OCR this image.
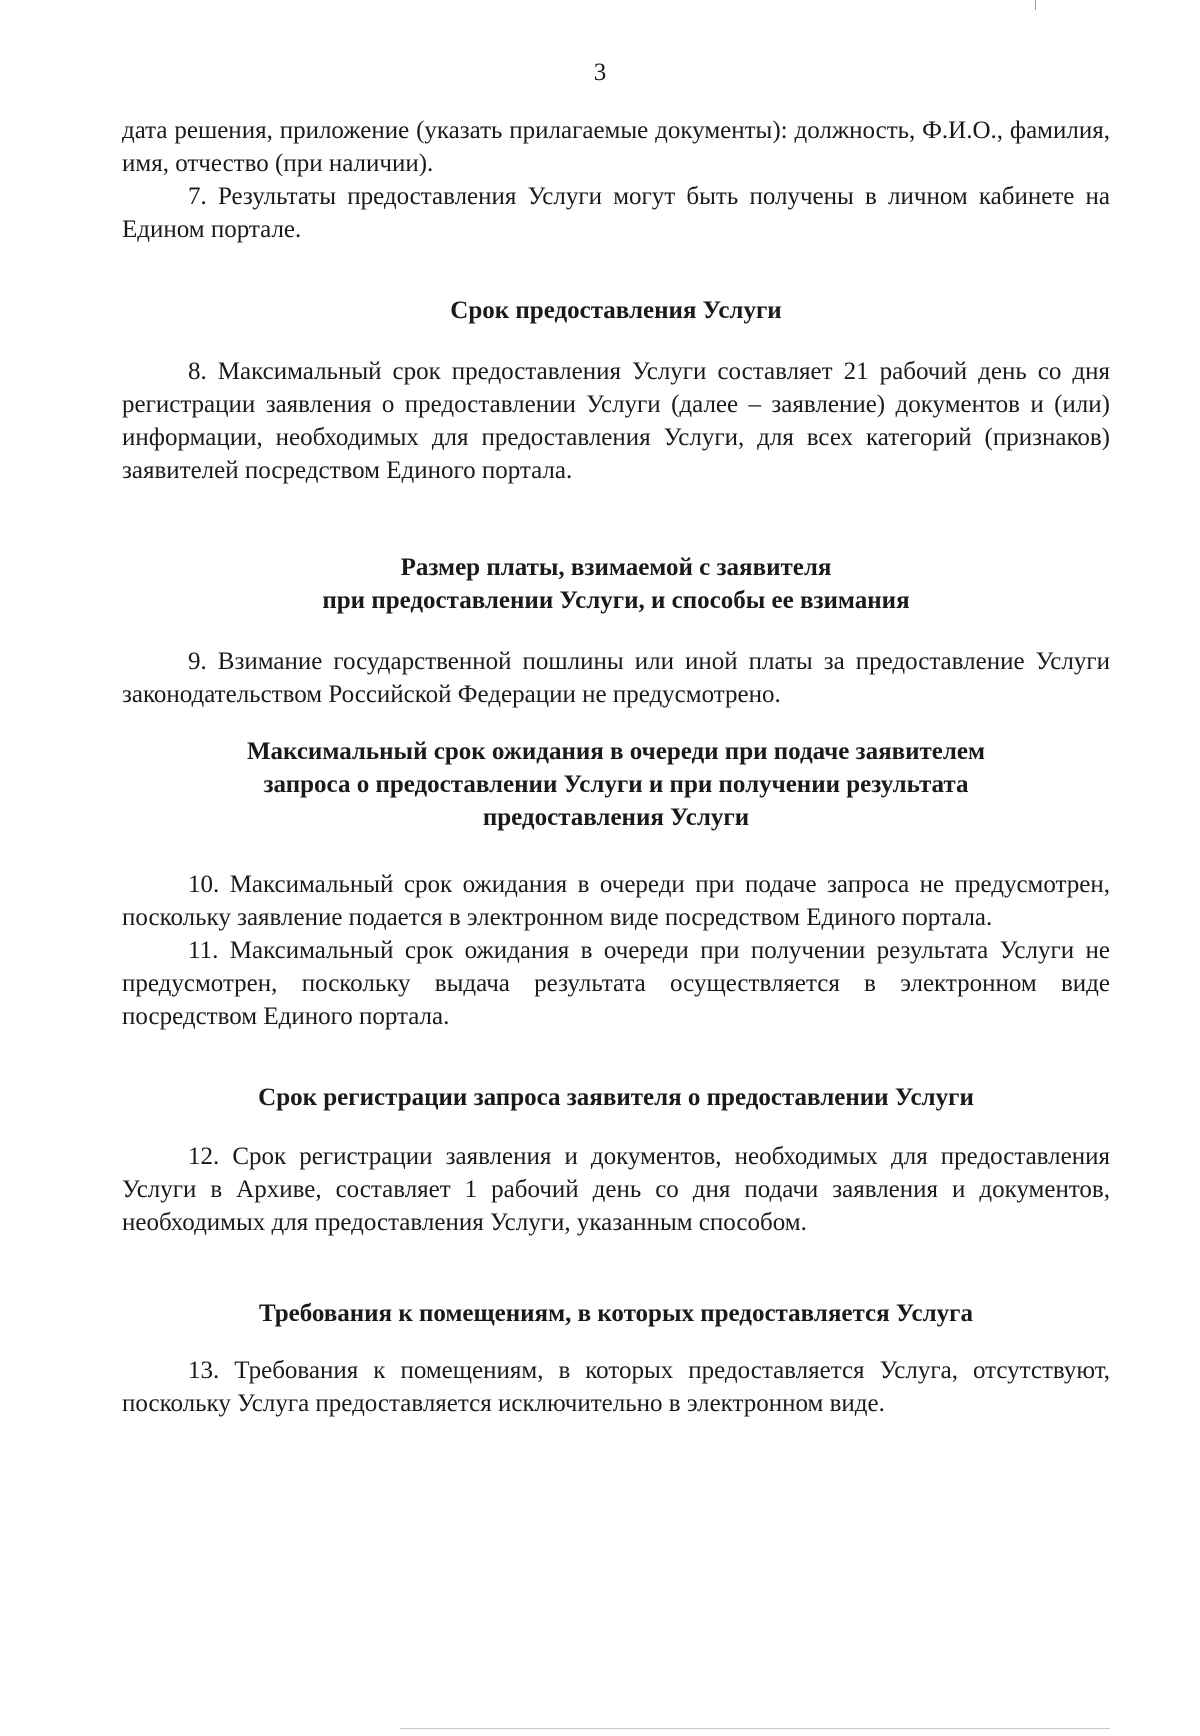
3

дата решения, приложение (указать прилагаемые документы): должность, Ф.И.О., фамилия, имя, отчество (при наличии).

7. Результаты предоставления Услуги могут быть получены в личном кабинете на Едином портале.

Срок предоставления Услуги

8. Максимальный срок предоставления Услуги составляет 21 рабочий день со дня регистрации заявления о предоставлении Услуги (далее – заявление) документов и (или) информации, необходимых для предоставления Услуги, для всех категорий (признаков) заявителей посредством Единого портала.

Размер платы, взимаемой с заявителя
при предоставлении Услуги, и способы ее взимания

9. Взимание государственной пошлины или иной платы за предоставление Услуги законодательством Российской Федерации не предусмотрено.

Максимальный срок ожидания в очереди при подаче заявителем
запроса о предоставлении Услуги и при получении результата
предоставления Услуги

10. Максимальный срок ожидания в очереди при подаче запроса не предусмотрен, поскольку заявление подается в электронном виде посредством Единого портала.

11. Максимальный срок ожидания в очереди при получении результата Услуги не предусмотрен, поскольку выдача результата осуществляется в электронном виде посредством Единого портала.

Срок регистрации запроса заявителя о предоставлении Услуги

12. Срок регистрации заявления и документов, необходимых для предоставления Услуги в Архиве, составляет 1 рабочий день со дня подачи заявления и документов, необходимых для предоставления Услуги, указанным способом.

Требования к помещениям, в которых предоставляется Услуга

13. Требования к помещениям, в которых предоставляется Услуга, отсутствуют, поскольку Услуга предоставляется исключительно в электронном виде.
